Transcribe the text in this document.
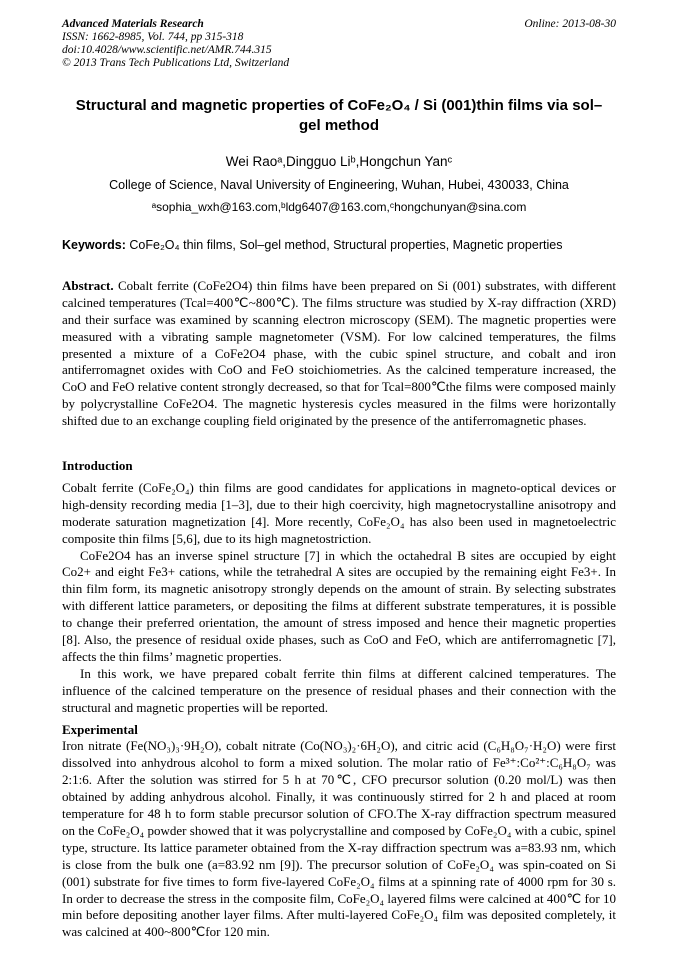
Advanced Materials Research
ISSN: 1662-8985, Vol. 744, pp 315-318
doi:10.4028/www.scientific.net/AMR.744.315
© 2013 Trans Tech Publications Ltd, Switzerland
Online: 2013-08-30
Structural and magnetic properties of CoFe₂O₄ / Si (001)thin films via sol–gel method
Wei Raoᵃ,Dingguo Liᵇ,Hongchun Yanᶜ
College of Science, Naval University of Engineering, Wuhan, Hubei, 430033, China
ᵃsophia_wxh@163.com,ᵇldg6407@163.com,ᶜhongchunyan@sina.com
Keywords: CoFe₂O₄ thin films, Sol–gel method, Structural properties, Magnetic properties
Abstract. Cobalt ferrite (CoFe2O4) thin films have been prepared on Si (001) substrates, with different calcined temperatures (Tcal=400℃~800℃). The films structure was studied by X-ray diffraction (XRD) and their surface was examined by scanning electron microscopy (SEM). The magnetic properties were measured with a vibrating sample magnetometer (VSM). For low calcined temperatures, the films presented a mixture of a CoFe2O4 phase, with the cubic spinel structure, and cobalt and iron antiferromagnet oxides with CoO and FeO stoichiometries. As the calcined temperature increased, the CoO and FeO relative content strongly decreased, so that for Tcal=800℃the films were composed mainly by polycrystalline CoFe2O4. The magnetic hysteresis cycles measured in the films were horizontally shifted due to an exchange coupling field originated by the presence of the antiferromagnetic phases.
Introduction
Cobalt ferrite (CoFe₂O₄) thin films are good candidates for applications in magneto-optical devices or high-density recording media [1–3], due to their high coercivity, high magnetocrystalline anisotropy and moderate saturation magnetization [4]. More recently, CoFe₂O₄ has also been used in magnetoelectric composite thin films [5,6], due to its high magnetostriction.
CoFe2O4 has an inverse spinel structure [7] in which the octahedral B sites are occupied by eight Co2+ and eight Fe3+ cations, while the tetrahedral A sites are occupied by the remaining eight Fe3+. In thin film form, its magnetic anisotropy strongly depends on the amount of strain. By selecting substrates with different lattice parameters, or depositing the films at different substrate temperatures, it is possible to change their preferred orientation, the amount of stress imposed and hence their magnetic properties [8]. Also, the presence of residual oxide phases, such as CoO and FeO, which are antiferromagnetic [7], affects the thin films’ magnetic properties.
In this work, we have prepared cobalt ferrite thin films at different calcined temperatures. The influence of the calcined temperature on the presence of residual phases and their connection with the structural and magnetic properties will be reported.
Experimental
Iron nitrate (Fe(NO₃)₃·9H₂O), cobalt nitrate (Co(NO₃)₂·6H₂O), and citric acid (C₆H₈O₇·H₂O) were first dissolved into anhydrous alcohol to form a mixed solution. The molar ratio of Fe³⁺:Co²⁺:C₆H₈O₇ was 2:1:6. After the solution was stirred for 5 h at 70℃, CFO precursor solution (0.20 mol/L) was then obtained by adding anhydrous alcohol. Finally, it was continuously stirred for 2 h and placed at room temperature for 48 h to form stable precursor solution of CFO.The X-ray diffraction spectrum measured on the CoFe₂O₄ powder showed that it was polycrystalline and composed by CoFe₂O₄ with a cubic, spinel type, structure. Its lattice parameter obtained from the X-ray diffraction spectrum was a=83.93 nm, which is close from the bulk one (a=83.92 nm [9]). The precursor solution of CoFe₂O₄ was spin-coated on Si (001) substrate for five times to form five-layered CoFe₂O₄ films at a spinning rate of 4000 rpm for 30 s. In order to decrease the stress in the composite film, CoFe₂O₄ layered films were calcined at 400℃ for 10 min before depositing another layer films. After multi-layered CoFe₂O₄ film was deposited completely, it was calcined at 400~800℃for 120 min.
